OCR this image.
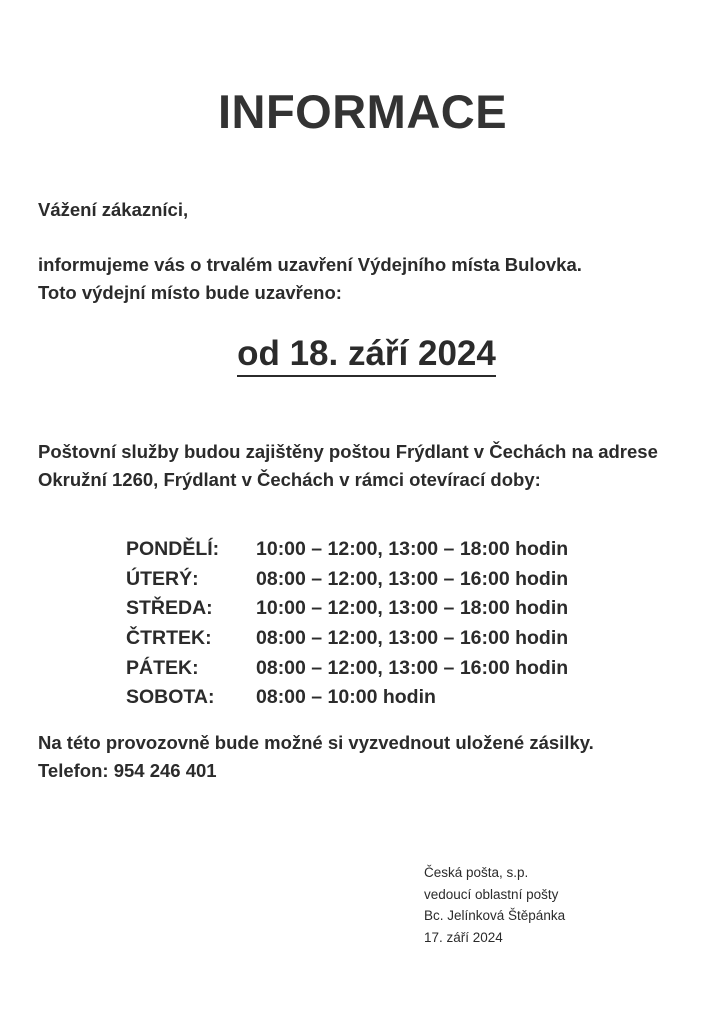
INFORMACE

Vážení zákazníci,

informujeme vás o trvalém uzavření Výdejního místa Bulovka.
Toto výdejní místo bude uzavřeno:

od 18. září 2024

Poštovní služby budou zajištěny poštou Frýdlant v Čechách na adrese
Okružní 1260, Frýdlant v Čechách v rámci otevírací doby:

PONDĚLÍ:	10:00 – 12:00, 13:00 – 18:00 hodin
ÚTERÝ:	08:00 – 12:00, 13:00 – 16:00 hodin
STŘEDA:	10:00 – 12:00, 13:00 – 18:00 hodin
ČTRTEK:	08:00 – 12:00, 13:00 – 16:00 hodin
PÁTEK:	08:00 – 12:00, 13:00 – 16:00 hodin
SOBOTA:	08:00 – 10:00 hodin

Na této provozovně bude možné si vyzvednout uložené zásilky.
Telefon: 954 246 401

Česká pošta, s.p.
vedoucí oblastní pošty
Bc. Jelínková Štěpánka
17. září 2024
